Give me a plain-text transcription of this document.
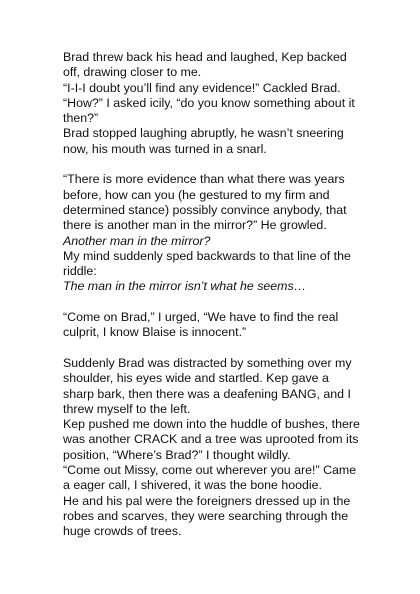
Brad threw back his head and laughed, Kep backed off, drawing closer to me.

“I-I-I doubt you’ll find any evidence!” Cackled Brad.

“How?” I asked icily, “do you know something about it then?”

Brad stopped laughing abruptly, he wasn’t sneering now, his mouth was turned in a snarl.

“There is more evidence than what there was years before, how can you (he gestured to my firm and determined stance) possibly convince anybody, that there is another man in the mirror?” He growled.

Another man in the mirror?

My mind suddenly sped backwards to that line of the riddle:

The man in the mirror isn’t what he seems…

“Come on Brad,” I urged, “We have to find the real culprit, I know Blaise is innocent.”

Suddenly Brad was distracted by something over my shoulder, his eyes wide and startled. Kep gave a sharp bark, then there was a deafening BANG, and I threw myself to the left.

Kep pushed me down into the huddle of bushes, there was another CRACK and a tree was uprooted from its position, “Where’s Brad?” I thought wildly.

“Come out Missy, come out wherever you are!” Came a eager call, I shivered, it was the bone hoodie.

He and his pal were the foreigners dressed up in the robes and scarves, they were searching through the huge crowds of trees.
